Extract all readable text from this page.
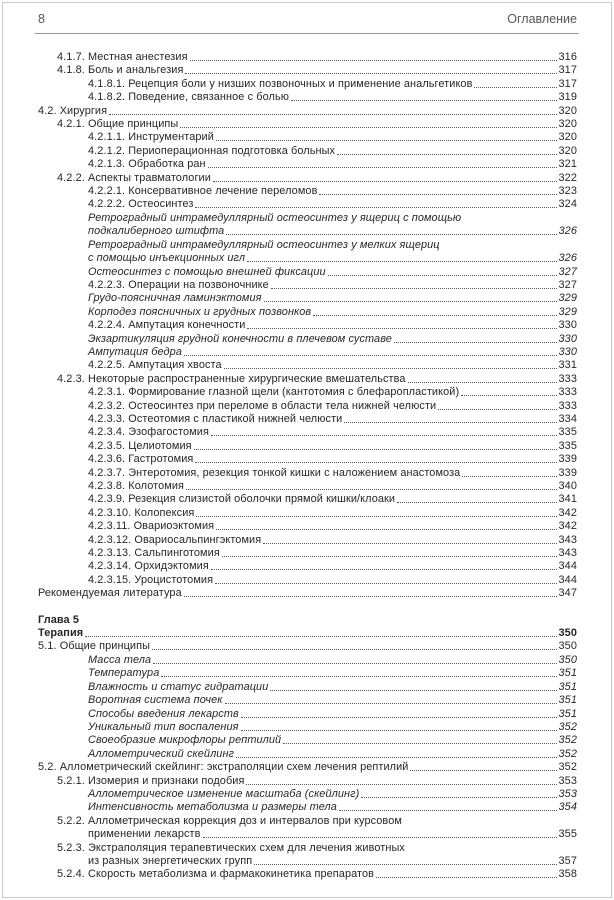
8	Оглавление
4.1.7. Местная анестезия	316
4.1.8. Боль и анальгезия	317
4.1.8.1. Рецепция боли у низших позвоночных и применение анальгетиков	317
4.1.8.2. Поведение, связанное с болью	319
4.2. Хирургия	320
4.2.1. Общие принципы	320
4.2.1.1. Инструментарий	320
4.2.1.2. Периоперационная подготовка больных	320
4.2.1.3. Обработка ран	321
4.2.2. Аспекты травматологии	322
4.2.2.1. Консервативное лечение переломов	323
4.2.2.2. Остеосинтез	324
Ретроградный интрамедуллярный остеосинтез у ящериц с помощью
подкалиберного штифта	326
Ретроградный интрамедуллярный остеосинтез у мелких ящериц
с помощью инъекционных игл	326
Остеосинтез с помощью внешней фиксации	327
4.2.2.3. Операции на позвоночнике	327
Грудо-поясничная ламинэктомия	329
Корподез поясничных и грудных позвонков	329
4.2.2.4. Ампутация конечности	330
Экзартикуляция грудной конечности в плечевом суставе	330
Ампутация бедра	330
4.2.2.5. Ампутация хвоста	331
4.2.3. Некоторые распространенные хирургические вмешательства	333
4.2.3.1. Формирование глазной щели (кантотомия с блефаропластикой)	333
4.2.3.2. Остеосинтез при переломе в области тела нижней челюсти	333
4.2.3.3. Остеотомия с пластикой нижней челюсти	334
4.2.3.4. Эзофагостомия	335
4.2.3.5. Целиотомия	335
4.2.3.6. Гастротомия	339
4.2.3.7. Энтеротомия, резекция тонкой кишки с наложением анастомоза	339
4.2.3.8. Колотомия	340
4.2.3.9. Резекция слизистой оболочки прямой кишки/клоаки	341
4.2.3.10. Колопексия	342
4.2.3.11. Овариоэктомия	342
4.2.3.12. Овариосальпингэктомия	343
4.2.3.13. Сальпинготомия	343
4.2.3.14. Орхидэктомия	344
4.2.3.15. Уроцистотомия	344
Рекомендуемая литература	347
Глава 5
Терапия	350
5.1. Общие принципы	350
Масса тела	350
Температура	351
Влажность и статус гидратации	351
Воротная система почек	351
Способы введения лекарств	351
Уникальный тип воспаления	352
Своеобразие микрофлоры рептилий	352
Аллометрический скейлинг	352
5.2. Аллометрический скейлинг: экстраполяции схем лечения рептилий	352
5.2.1. Изомерия и признаки подобия	353
Аллометрическое изменение масштаба (скейлинг)	353
Интенсивность метаболизма и размеры тела	354
5.2.2. Аллометрическая коррекция доз и интервалов при курсовом
применении лекарств	355
5.2.3. Экстраполяция терапевтических схем для лечения животных
из разных энергетических групп	357
5.2.4. Скорость метаболизма и фармакокинетика препаратов	358
